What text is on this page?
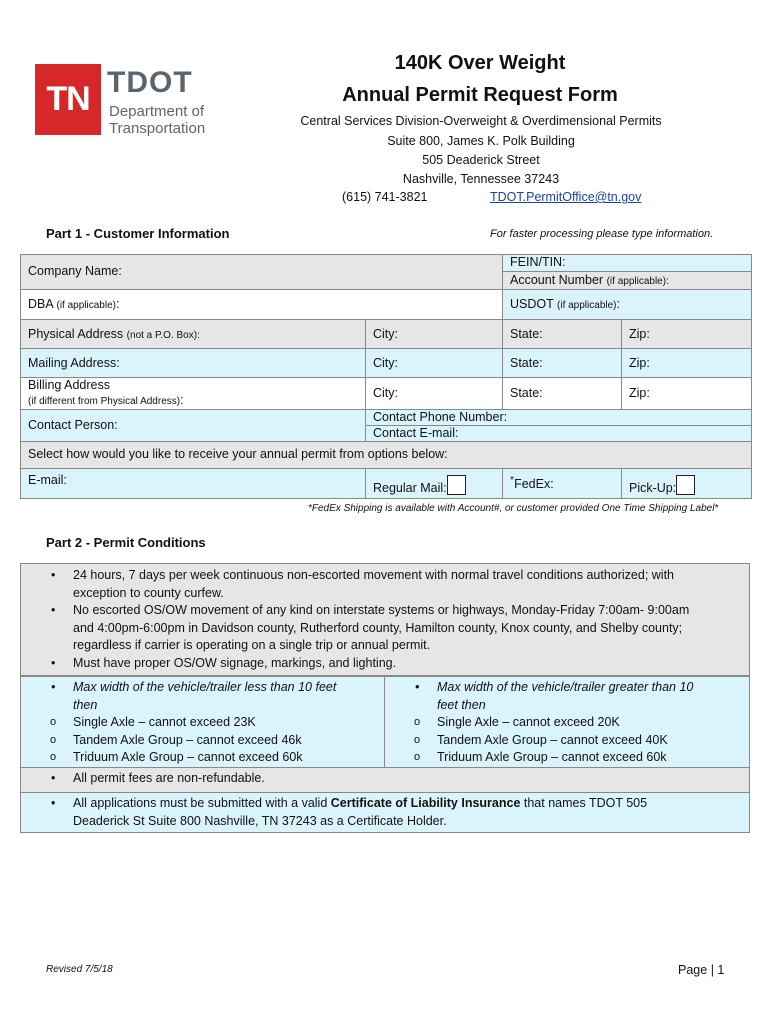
TN TDOT
Department of
Transportation
140K Over Weight
Annual Permit Request Form
Central Services Division-Overweight & Overdimensional Permits
Suite 800, James K. Polk Building
505 Deaderick Street
Nashville, Tennessee 37243
(615) 741-3821	TDOT.PermitOffice@tn.gov
Part 1 - Customer Information	For faster processing please type information.
Company Name:
FEIN/TIN:
Account Number (if applicable):
DBA (if applicable):	USDOT (if applicable):
Physical Address (not a P.O. Box):	City:	State:	Zip:
Mailing Address:	City:	State:	Zip:
Billing Address
(if different from Physical Address):	City:	State:	Zip:
Contact Person:
Contact Phone Number:
Contact E-mail:
Select how would you like to receive your annual permit from options below:
E-mail:
Regular Mail:
*FedEx:	Pick-Up:
*FedEx Shipping is available with Account#, or customer provided One Time Shipping Label*
Part 2 - Permit Conditions
• 24 hours, 7 days per week continuous non-escorted movement with normal travel conditions authorized; with
exception to county curfew.
• No escorted OS/OW movement of any kind on interstate systems or highways, Monday-Friday 7:00am- 9:00am
and 4:00pm-6:00pm in Davidson county, Rutherford county, Hamilton county, Knox county, and Shelby county;
regardless if carrier is operating on a single trip or annual permit.
• Must have proper OS/OW signage, markings, and lighting.
• Max width of the vehicle/trailer less than 10 feet
then
o Single Axle – cannot exceed 23K
o Tandem Axle Group – cannot exceed 46k
o Triduum Axle Group – cannot exceed 60k
• Max width of the vehicle/trailer greater than 10
feet then
o Single Axle – cannot exceed 20K
o Tandem Axle Group – cannot exceed 40K
o Triduum Axle Group – cannot exceed 60k
• All permit fees are non-refundable.
• All applications must be submitted with a valid Certificate of Liability Insurance that names TDOT 505
Deaderick St Suite 800 Nashville, TN 37243 as a Certificate Holder.
Revised 7/5/18	Page | 1
